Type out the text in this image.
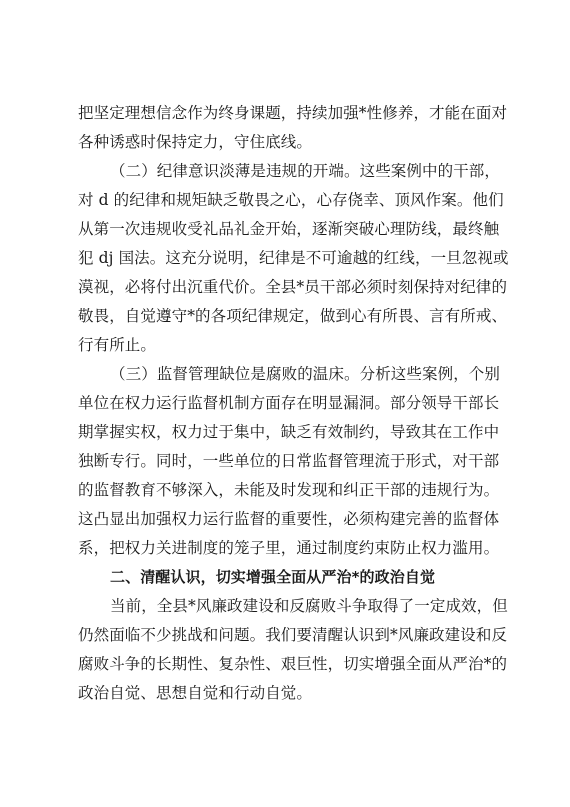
把坚定理想信念作为终身课题，持续加强*性修养，才能在面对
各种诱惑时保持定力，守住底线。
（二）纪律意识淡薄是违规的开端。这些案例中的干部，
对 d 的纪律和规矩缺乏敬畏之心，心存侥幸、顶风作案。他们
从第一次违规收受礼品礼金开始，逐渐突破心理防线，最终触
犯 dj 国法。这充分说明，纪律是不可逾越的红线，一旦忽视或
漠视，必将付出沉重代价。全县*员干部必须时刻保持对纪律的
敬畏，自觉遵守*的各项纪律规定，做到心有所畏、言有所戒、
行有所止。
（三）监督管理缺位是腐败的温床。分析这些案例，个别
单位在权力运行监督机制方面存在明显漏洞。部分领导干部长
期掌握实权，权力过于集中，缺乏有效制约，导致其在工作中
独断专行。同时，一些单位的日常监督管理流于形式，对干部
的监督教育不够深入，未能及时发现和纠正干部的违规行为。
这凸显出加强权力运行监督的重要性，必须构建完善的监督体
系，把权力关进制度的笼子里，通过制度约束防止权力滥用。
二、清醒认识，切实增强全面从严治*的政治自觉
当前，全县*风廉政建设和反腐败斗争取得了一定成效，但
仍然面临不少挑战和问题。我们要清醒认识到*风廉政建设和反
腐败斗争的长期性、复杂性、艰巨性，切实增强全面从严治*的
政治自觉、思想自觉和行动自觉。
